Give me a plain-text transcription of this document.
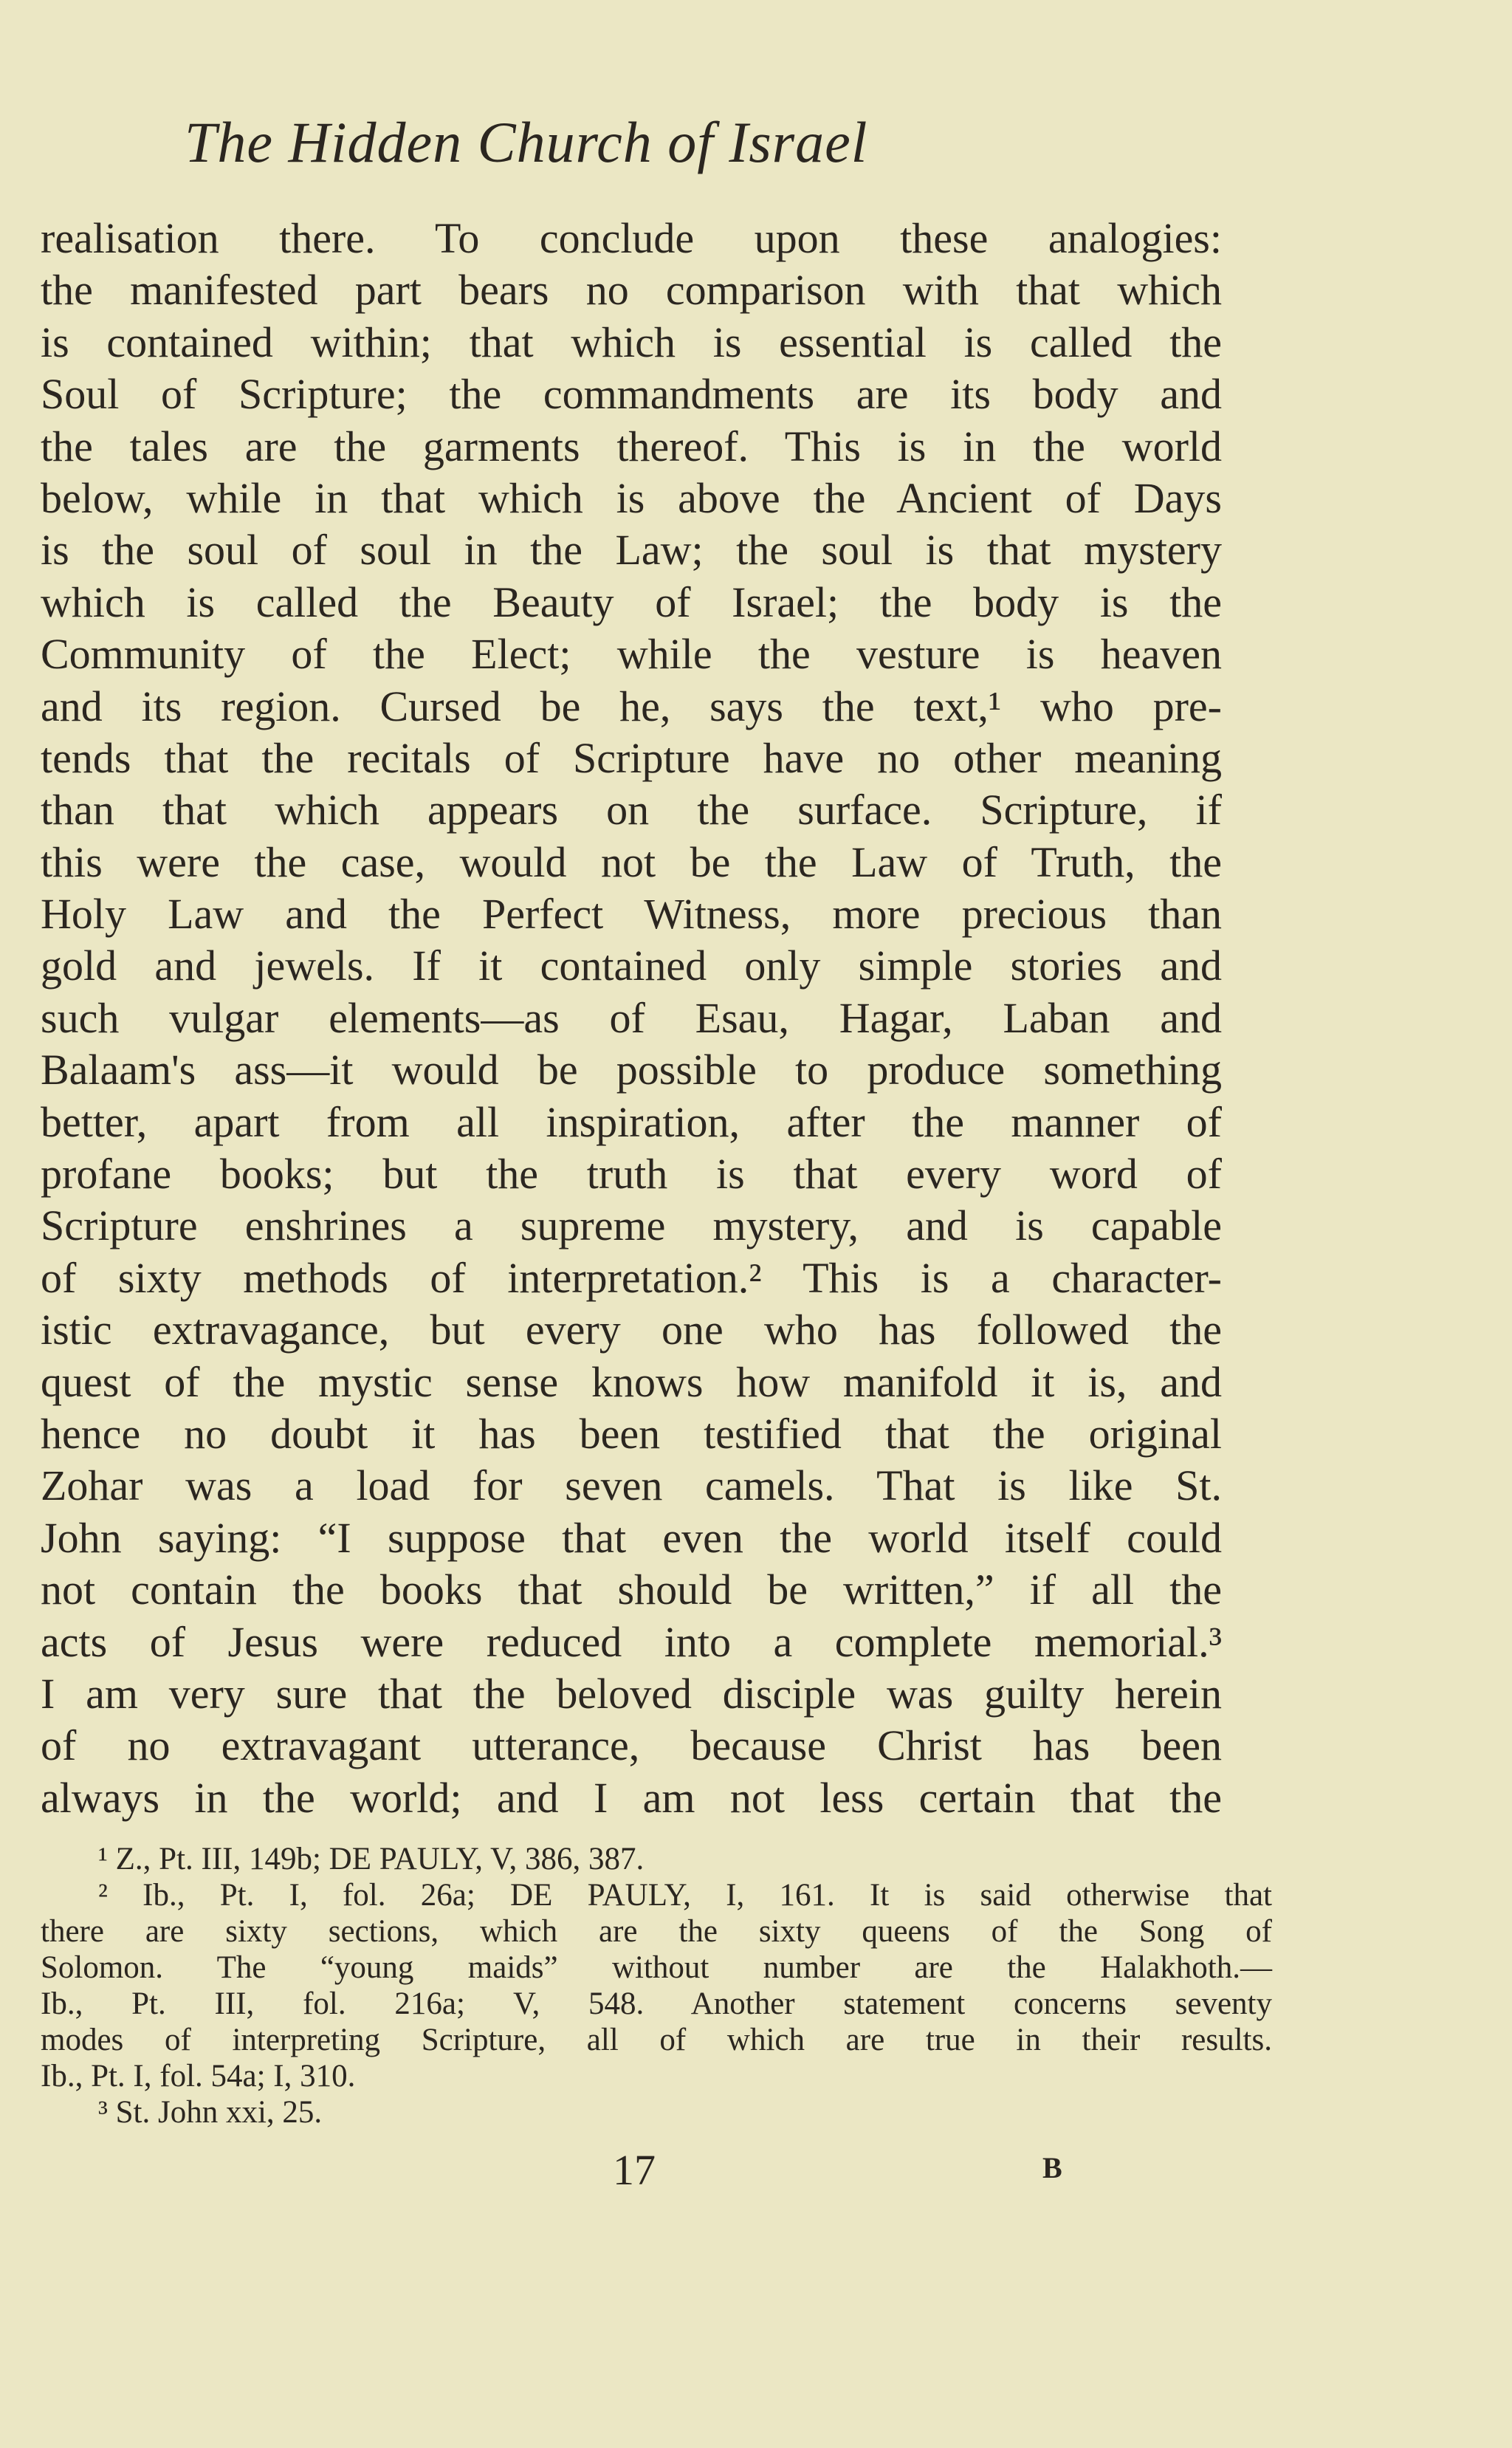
The Hidden Church of Israel
realisation there. To conclude upon these analogies:
the manifested part bears no comparison with that which
is contained within; that which is essential is called the
Soul of Scripture; the commandments are its body and
the tales are the garments thereof. This is in the world
below, while in that which is above the Ancient of Days
is the soul of soul in the Law; the soul is that mystery
which is called the Beauty of Israel; the body is the
Community of the Elect; while the vesture is heaven
and its region. Cursed be he, says the text,¹ who pre-
tends that the recitals of Scripture have no other meaning
than that which appears on the surface. Scripture, if
this were the case, would not be the Law of Truth, the
Holy Law and the Perfect Witness, more precious than
gold and jewels. If it contained only simple stories and
such vulgar elements—as of Esau, Hagar, Laban and
Balaam's ass—it would be possible to produce something
better, apart from all inspiration, after the manner of
profane books; but the truth is that every word of
Scripture enshrines a supreme mystery, and is capable
of sixty methods of interpretation.² This is a character-
istic extravagance, but every one who has followed the
quest of the mystic sense knows how manifold it is, and
hence no doubt it has been testified that the original
Zohar was a load for seven camels. That is like St.
John saying: “I suppose that even the world itself could
not contain the books that should be written,” if all the
acts of Jesus were reduced into a complete memorial.³
I am very sure that the beloved disciple was guilty herein
of no extravagant utterance, because Christ has been
always in the world; and I am not less certain that the
¹ Z., Pt. III, 149b; DE PAULY, V, 386, 387.
² Ib., Pt. I, fol. 26a; DE PAULY, I, 161. It is said otherwise that
there are sixty sections, which are the sixty queens of the Song of
Solomon. The “young maids” without number are the Halakhoth.—
Ib., Pt. III, fol. 216a; V, 548. Another statement concerns seventy
modes of interpreting Scripture, all of which are true in their results.
Ib., Pt. I, fol. 54a; I, 310.
³ St. John xxi, 25.
17	B
